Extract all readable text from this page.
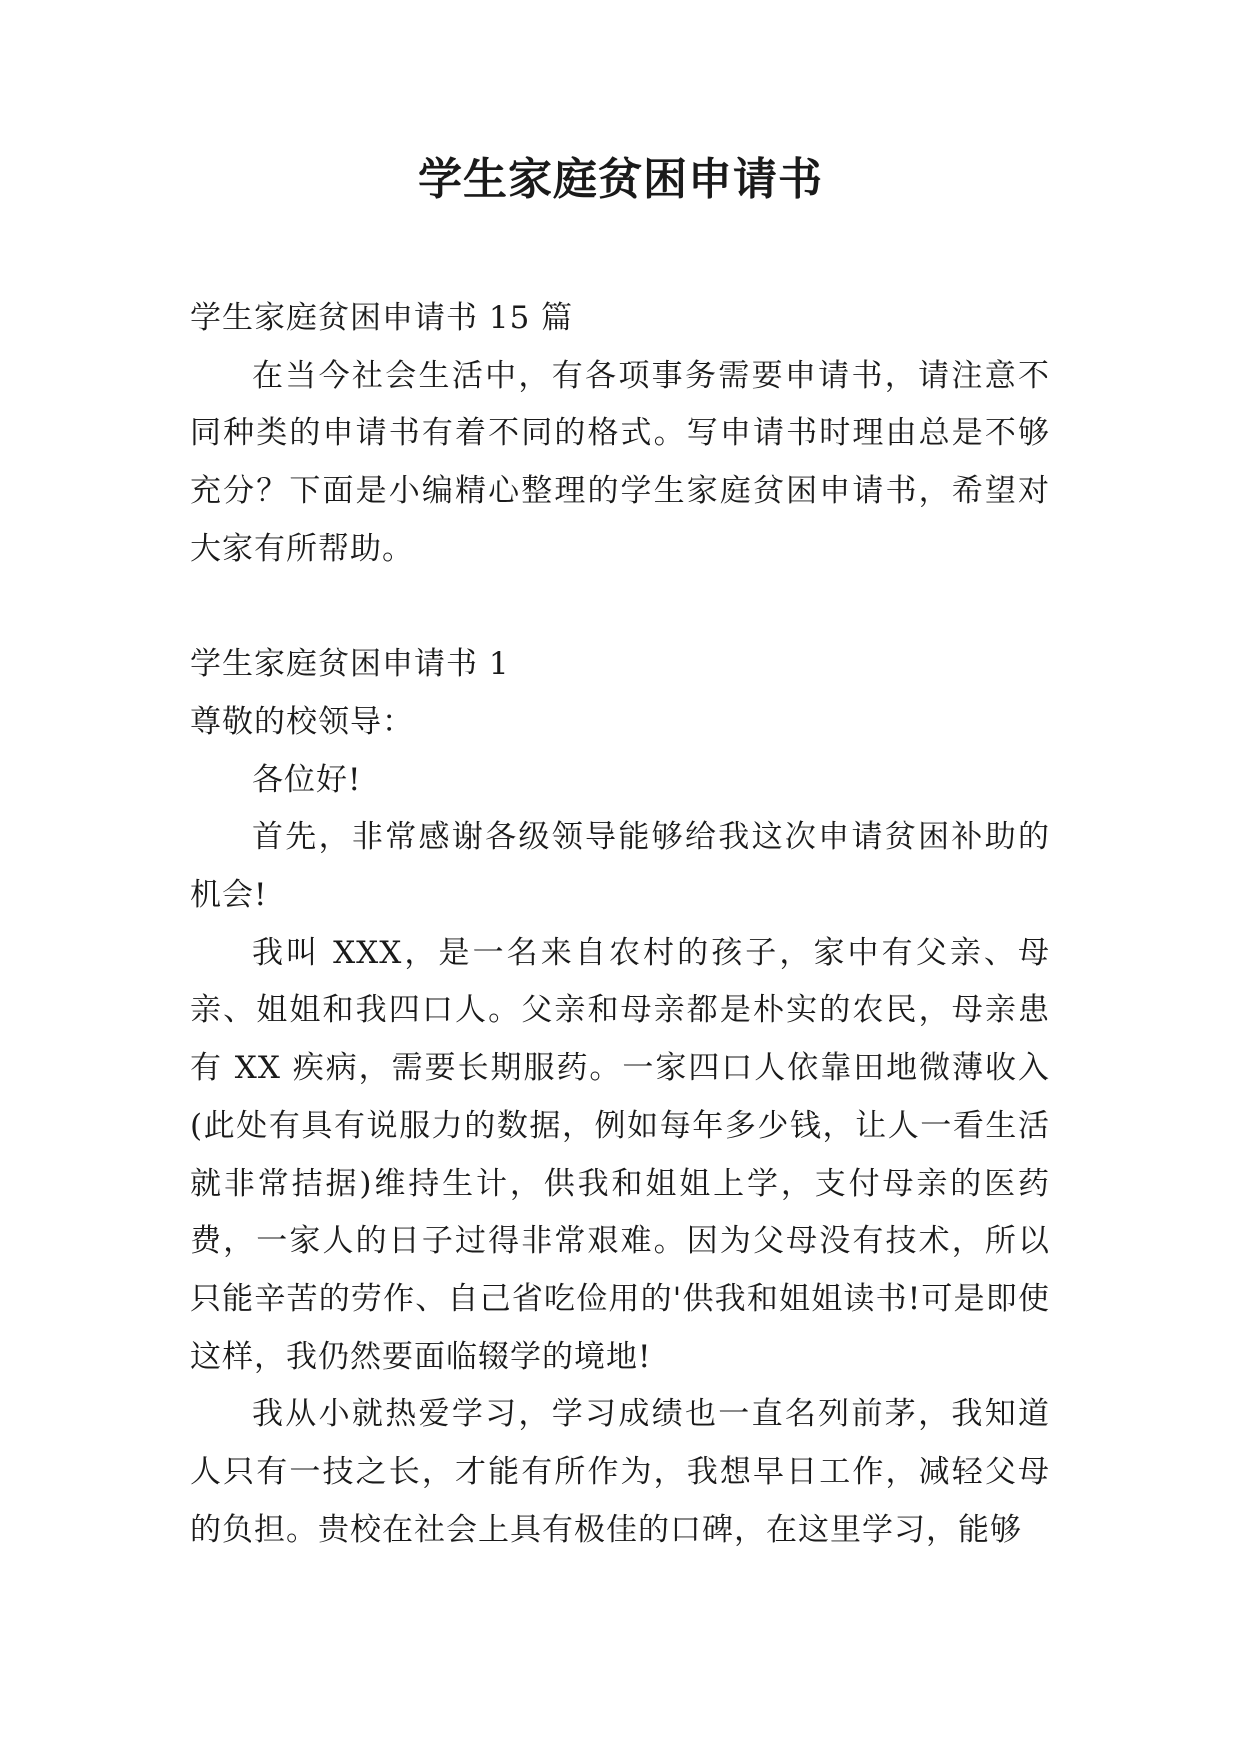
学生家庭贫困申请书

学生家庭贫困申请书 15 篇

在当今社会生活中，有各项事务需要申请书，请注意不同种类的申请书有着不同的格式。写申请书时理由总是不够充分？下面是小编精心整理的学生家庭贫困申请书，希望对大家有所帮助。

学生家庭贫困申请书 1

尊敬的校领导：

各位好!

首先，非常感谢各级领导能够给我这次申请贫困补助的机会!

我叫 XXX，是一名来自农村的孩子，家中有父亲、母亲、姐姐和我四口人。父亲和母亲都是朴实的农民，母亲患有 XX 疾病，需要长期服药。一家四口人依靠田地微薄收入(此处有具有说服力的数据，例如每年多少钱，让人一看生活就非常拮据)维持生计，供我和姐姐上学，支付母亲的医药费，一家人的日子过得非常艰难。因为父母没有技术，所以只能辛苦的劳作、自己省吃俭用的'供我和姐姐读书!可是即使这样，我仍然要面临辍学的境地!

我从小就热爱学习，学习成绩也一直名列前茅，我知道人只有一技之长，才能有所作为，我想早日工作，减轻父母的负担。贵校在社会上具有极佳的口碑，在这里学习，能够
